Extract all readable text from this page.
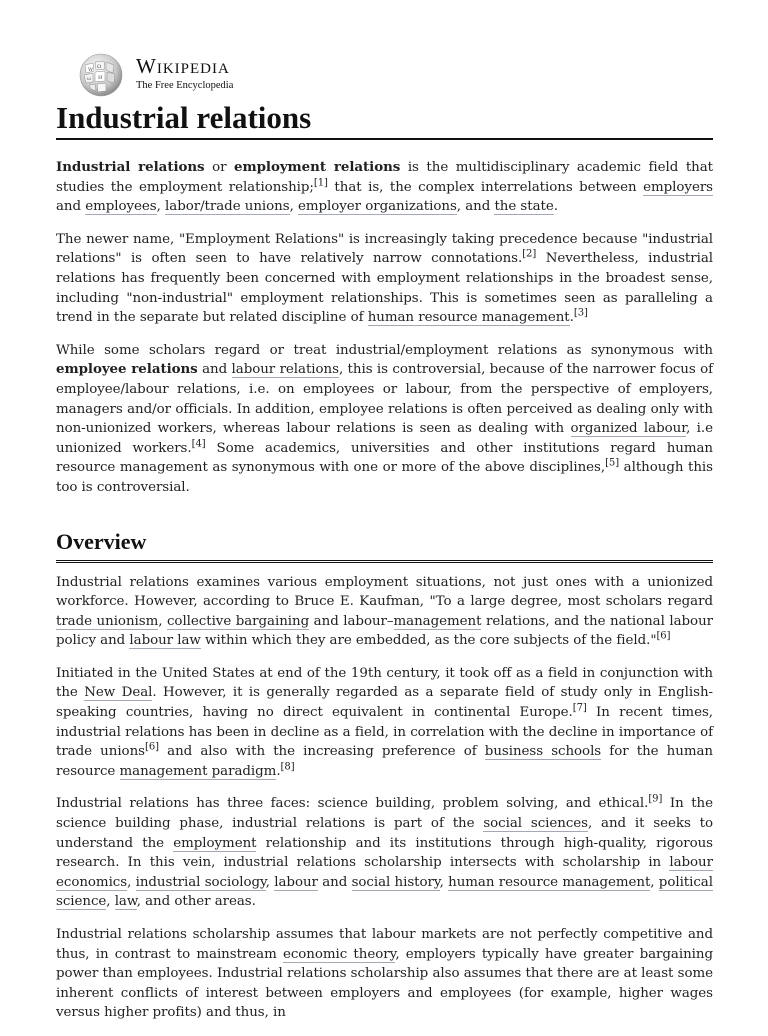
W Ω
И
ω
Wikipedia
The Free Encyclopedia
Industrial relations

Industrial relations or employment relations is the multidisciplinary academic field that studies the employment relationship;[1] that is, the complex interrelations between employers and employees, labor/trade unions, employer organizations, and the state.

The newer name, "Employment Relations" is increasingly taking precedence because "industrial relations" is often seen to have relatively narrow connotations.[2] Nevertheless, industrial relations has frequently been concerned with employment relationships in the broadest sense, including "non-industrial" employment relationships. This is sometimes seen as paralleling a trend in the separate but related discipline of human resource management.[3]

While some scholars regard or treat industrial/employment relations as synonymous with employee relations and labour relations, this is controversial, because of the narrower focus of employee/labour relations, i.e. on employees or labour, from the perspective of employers, managers and/or officials. In addition, employee relations is often perceived as dealing only with non-unionized workers, whereas labour relations is seen as dealing with organized labour, i.e unionized workers.[4] Some academics, universities and other institutions regard human resource management as synonymous with one or more of the above disciplines,[5] although this too is controversial.

Overview

Industrial relations examines various employment situations, not just ones with a unionized workforce. However, according to Bruce E. Kaufman, "To a large degree, most scholars regard trade unionism, collective bargaining and labour–management relations, and the national labour policy and labour law within which they are embedded, as the core subjects of the field."[6]

Initiated in the United States at end of the 19th century, it took off as a field in conjunction with the New Deal. However, it is generally regarded as a separate field of study only in English-speaking countries, having no direct equivalent in continental Europe.[7] In recent times, industrial relations has been in decline as a field, in correlation with the decline in importance of trade unions[6] and also with the increasing preference of business schools for the human resource management paradigm.[8]

Industrial relations has three faces: science building, problem solving, and ethical.[9] In the science building phase, industrial relations is part of the social sciences, and it seeks to understand the employment relationship and its institutions through high-quality, rigorous research. In this vein, industrial relations scholarship intersects with scholarship in labour economics, industrial sociology, labour and social history, human resource management, political science, law, and other areas.

Industrial relations scholarship assumes that labour markets are not perfectly competitive and thus, in contrast to mainstream economic theory, employers typically have greater bargaining power than employees. Industrial relations scholarship also assumes that there are at least some inherent conflicts of interest between employers and employees (for example, higher wages versus higher profits) and thus, in
